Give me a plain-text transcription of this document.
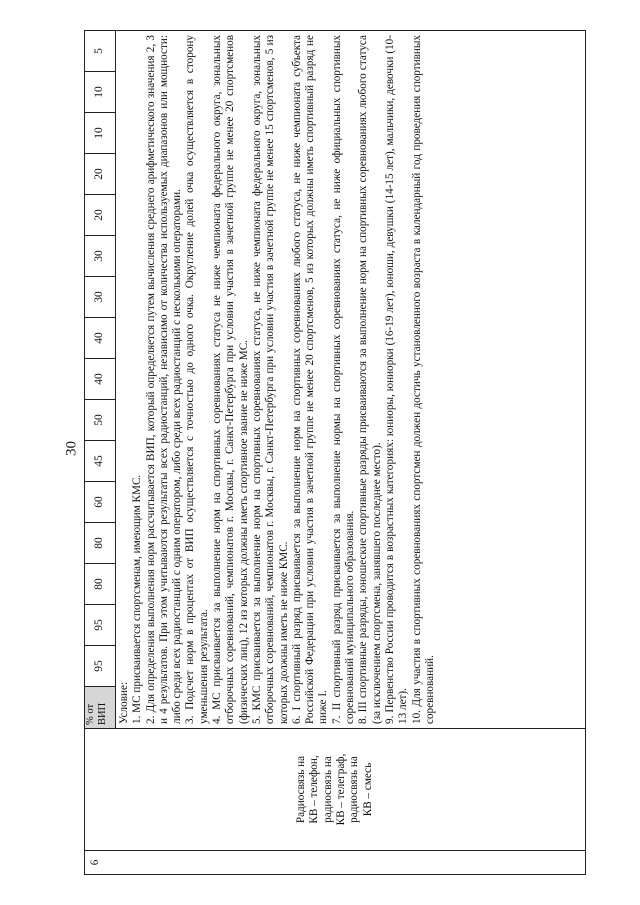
30
6	Радиосвязь на
КВ – телефон,
радиосвязь на
КВ – телеграф,
радиосвязь на
КВ – смесь	% от
ВИП	95	95	80	80	60	45	50	40	40	30	30	20	20	10	10	5

Условие: 1. МС присваивается спортсменам, имеющим КМС. 2. Для определения выполнения норм рассчитывается ВИП, который определяется путем вычисления среднего арифметического значения 2, 3 и 4 результатов. При этом учитываются результаты всех радиостанций, независимо от количества используемых диапазонов или мощности: либо среди всех радиостанций с одним оператором, либо среди всех радиостанций с несколькими операторами. 3. Подсчет норм в процентах от ВИП осуществляется с точностью до одного очка. Округление долей очка осуществляется в сторону уменьшения результата. 4. МС присваивается за выполнение норм на спортивных соревнованиях статуса не ниже чемпионата федерального округа, зональных отборочных соревнований, чемпионатов г. Москвы, г. Санкт-Петербурга при условии участия в зачетной группе не менее 20 спортсменов (физических лиц), 12 из которых должны иметь спортивное звание не ниже МС. 5. КМС присваивается за выполнение норм на спортивных соревнованиях статуса, не ниже чемпионата федерального округа, зональных отборочных соревнований, чемпионатов г. Москвы, г. Санкт-Петербурга при условии участия в зачетной группе не менее 15 спортсменов, 5 из которых должны иметь не ниже КМС. 6. I спортивный разряд присваивается за выполнение норм на спортивных соревнованиях любого статуса, не ниже чемпионата субъекта Российской Федерации при условии участия в зачетной группе не менее 20 спортсменов, 5 из которых должны иметь спортивный разряд не ниже I. 7. II спортивный разряд присваивается за выполнение нормы на спортивных соревнованиях статуса, не ниже официальных спортивных соревнований муниципального образования. 8. III спортивные разряды, юношеские спортивные разряды присваиваются за выполнение норм на спортивных соревнованиях любого статуса (за исключением спортсмена, занявшего последнее место). 9. Первенство России проводится в возрастных категориях: юниоры, юниорки (16-19 лет), юноши, девушки (14-15 лет), мальчики, девочки (10-13 лет). 10. Для участия в спортивных соревнованиях спортсмен должен достичь установленного возраста в календарный год проведения спортивных соревнований.
